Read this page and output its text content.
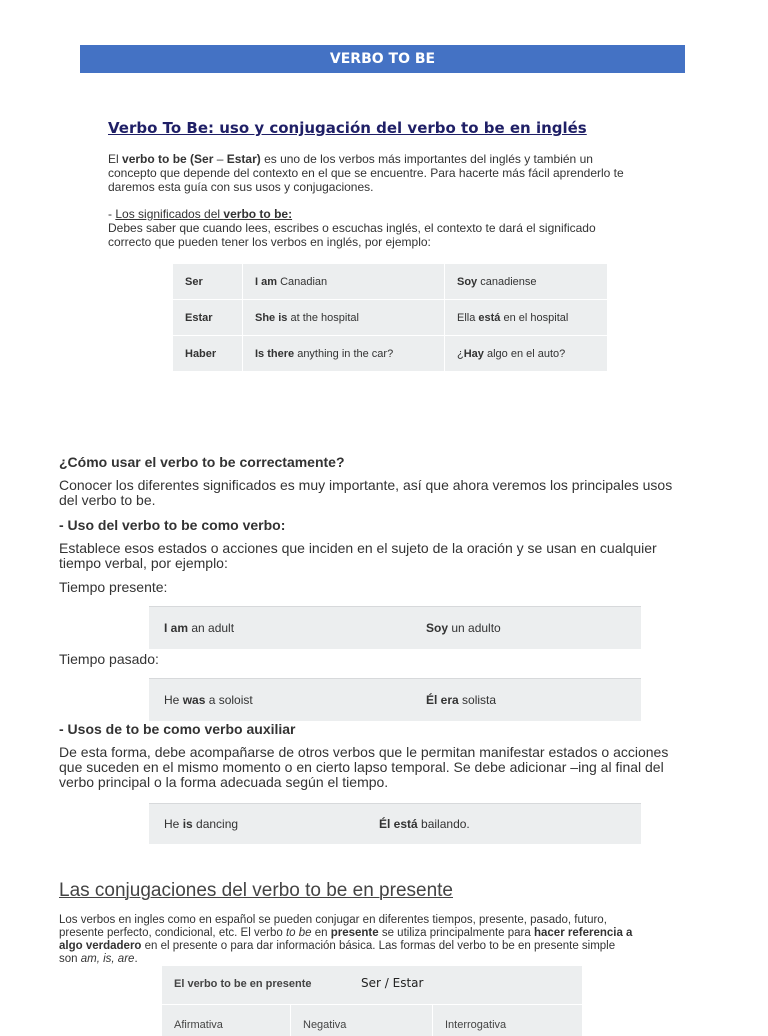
VERBO TO BE
Verbo To Be: uso y conjugación del verbo to be en inglés
El verbo to be (Ser – Estar) es uno de los verbos más importantes del inglés y también un
concepto que depende del contexto en el que se encuentre. Para hacerte más fácil aprenderlo te
daremos esta guía con sus usos y conjugaciones.
- Los significados del verbo to be:
Debes saber que cuando lees, escribes o escuchas inglés, el contexto te dará el significado
correcto que pueden tener los verbos en inglés, por ejemplo:
Ser	I am Canadian	Soy canadiense
Estar	She is at the hospital	Ella está en el hospital
Haber	Is there anything in the car?	¿Hay algo en el auto?
¿Cómo usar el verbo to be correctamente?
Conocer los diferentes significados es muy importante, así que ahora veremos los principales usos
del verbo to be.
- Uso del verbo to be como verbo:
Establece esos estados o acciones que inciden en el sujeto de la oración y se usan en cualquier
tiempo verbal, por ejemplo:
Tiempo presente:
I am an adult	Soy un adulto
Tiempo pasado:
He was a soloist	Él era solista
- Usos de to be como verbo auxiliar
De esta forma, debe acompañarse de otros verbos que le permitan manifestar estados o acciones
que suceden en el mismo momento o en cierto lapso temporal. Se debe adicionar –ing al final del
verbo principal o la forma adecuada según el tiempo.
He is dancing	Él está bailando.
Las conjugaciones del verbo to be en presente
Los verbos en ingles como en español se pueden conjugar en diferentes tiempos, presente, pasado, futuro,
presente perfecto, condicional, etc. El verbo to be en presente se utiliza principalmente para hacer referencia a
algo verdadero en el presente o para dar información básica. Las formas del verbo to be en presente simple
son am, is, are.
El verbo to be en presente	Ser / Estar
Afirmativa	Negativa	Interrogativa
